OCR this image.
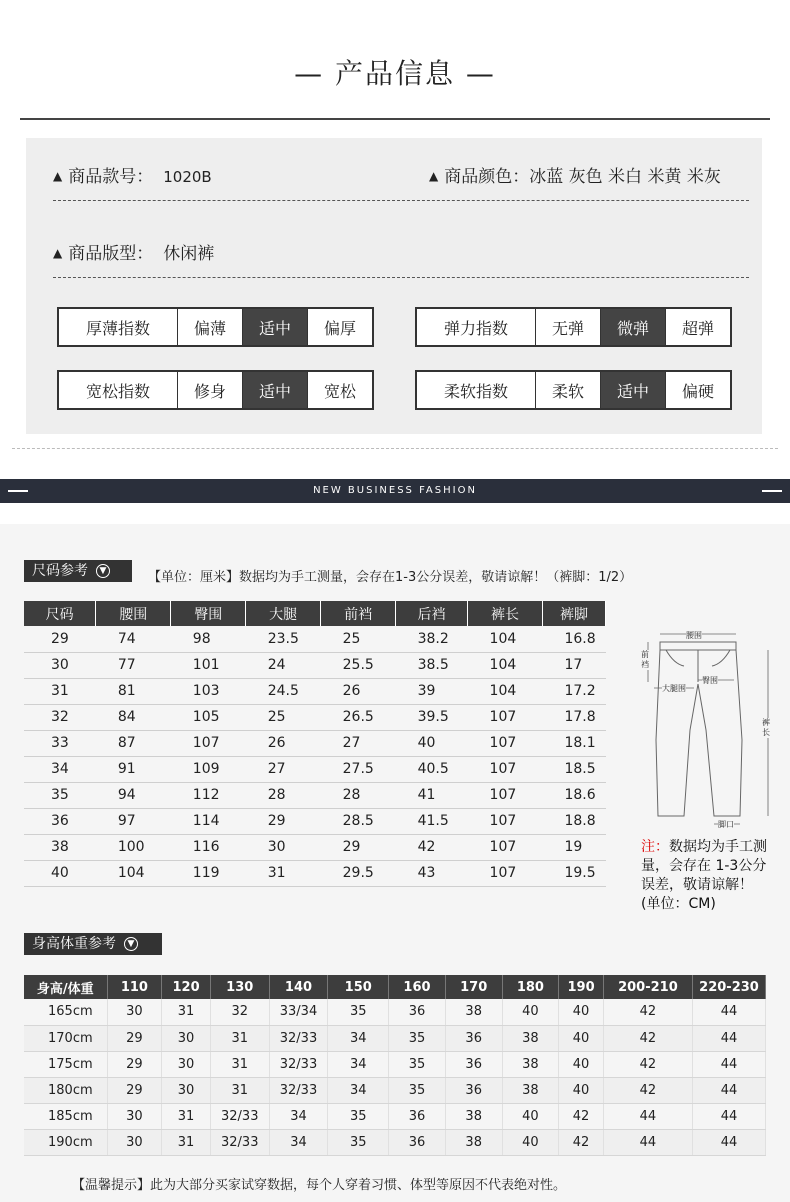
— 产品信息 —
▲ 商品款号： 1020B	▲ 商品颜色：冰蓝 灰色 米白 米黄 米灰
▲ 商品版型： 休闲裤
厚薄指数	偏薄	适中	偏厚	弹力指数	无弹	微弹	超弹
宽松指数	修身	适中	宽松	柔软指数	柔软	适中	偏硬
NEW BUSINESS FASHION
尺码参考	▼	【单位：厘米】数据均为手工测量，会存在1-3公分误差，敬请谅解！（裤脚：1/2）
尺码	腰围	臀围	大腿	前裆	后裆	裤长	裤脚
29	74	98	23.5	25	38.2	104	16.8
30	77	101	24	25.5	38.5	104	17
31	81	103	24.5	26	39	104	17.2
32	84	105	25	26.5	39.5	107	17.8
33	87	107	26	27	40	107	18.1
34	91	109	27	27.5	40.5	107	18.5
35	94	112	28	28	41	107	18.6
36	97	114	29	28.5	41.5	107	18.8
38	100	116	30	29	42	107	19
40	104	119	31	29.5	43	107	19.5
腰围
前裆
臀围
大腿围
裤长
脚口
注：数据均为手工测量，会存在 1-3公分误差，敬请谅解！(单位：CM)
身高体重参考	▼
身高/体重	110	120	130	140	150	160	170	180	190	200-210	220-230
165cm	30	31	32	33/34	35	36	38	40	40	42	44
170cm	29	30	31	32/33	34	35	36	38	40	42	44
175cm	29	30	31	32/33	34	35	36	38	40	42	44
180cm	29	30	31	32/33	34	35	36	38	40	42	44
185cm	30	31	32/33	34	35	36	38	40	42	44	44
190cm	30	31	32/33	34	35	36	38	40	42	44	44
【温馨提示】此为大部分买家试穿数据，每个人穿着习惯、体型等原因不代表绝对性。
